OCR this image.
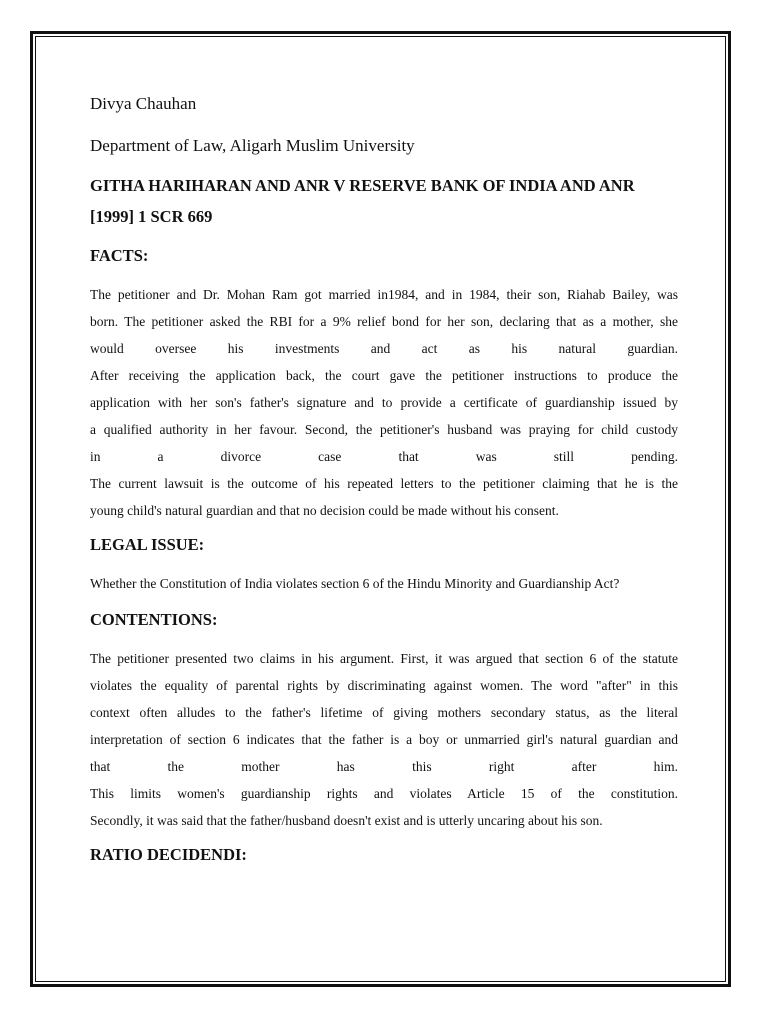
Divya Chauhan

Department of Law, Aligarh Muslim University

GITHA HARIHARAN AND ANR V RESERVE BANK OF INDIA AND ANR [1999] 1 SCR 669

FACTS:

The petitioner and Dr. Mohan Ram got married in1984, and in 1984, their son, Riahab Bailey, was
born. The petitioner asked the RBI for a 9% relief bond for her son, declaring that as a mother, she
would oversee his investments and act as his natural guardian.
After receiving the application back, the court gave the petitioner instructions to produce the
application with her son's father's signature and to provide a certificate of guardianship issued by
a qualified authority in her favour. Second, the petitioner's husband was praying for child custody
in a divorce case that was still pending.
The current lawsuit is the outcome of his repeated letters to the petitioner claiming that he is the
young child's natural guardian and that no decision could be made without his consent.

LEGAL ISSUE:

Whether the Constitution of India violates section 6 of the Hindu Minority and Guardianship Act?

CONTENTIONS:

The petitioner presented two claims in his argument. First, it was argued that section 6 of the statute
violates the equality of parental rights by discriminating against women. The word "after" in this
context often alludes to the father's lifetime of giving mothers secondary status, as the literal
interpretation of section 6 indicates that the father is a boy or unmarried girl's natural guardian and
that the mother has this right after him.
This limits women's guardianship rights and violates Article 15 of the constitution.
Secondly, it was said that the father/husband doesn't exist and is utterly uncaring about his son.

RATIO DECIDENDI:
